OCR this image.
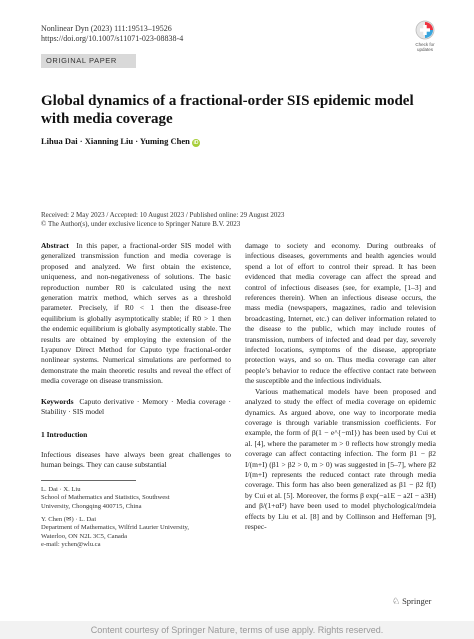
Nonlinear Dyn (2023) 111:19513–19526
https://doi.org/10.1007/s11071-023-08838-4
Check for updates
ORIGINAL PAPER
Global dynamics of a fractional-order SIS epidemic model with media coverage
Lihua Dai · Xianning Liu · Yuming Chen iD
Received: 2 May 2023 / Accepted: 10 August 2023 / Published online: 29 August 2023
© The Author(s), under exclusive licence to Springer Nature B.V. 2023

Abstract In this paper, a fractional-order SIS model with generalized transmission function and media coverage is proposed and analyzed. We first obtain the existence, uniqueness, and non-negativeness of solutions. The basic reproduction number R0 is calculated using the next generation matrix method, which serves as a threshold parameter. Precisely, if R0 < 1 then the disease-free equilibrium is globally asymptotically stable; if R0 > 1 then the endemic equilibrium is globally asymptotically stable. The results are obtained by employing the extension of the Lyapunov Direct Method for Caputo type fractional-order nonlinear systems. Numerical simulations are performed to demonstrate the main theoretic results and reveal the effect of media coverage on disease transmission.

Keywords Caputo derivative · Memory · Media coverage · Stability · SIS model

1 Introduction

Infectious diseases have always been great challenges to human beings. They can cause substantial

L. Dai · X. Liu

School of Mathematics and Statistics, Southwest

University, Chongqing 400715, China

Y. Chen (✉) · L. Dai

Department of Mathematics, Wilfrid Laurier University,

Waterloo, ON N2L 3C5, Canada

e-mail: ychen@wlu.ca

damage to society and economy. During outbreaks of infectious diseases, governments and health agencies would spend a lot of effort to control their spread. It has been evidenced that media coverage can affect the spread and control of infectious diseases (see, for example, [1–3] and references therein). When an infectious disease occurs, the mass media (newspapers, magazines, radio and television broadcasting, Internet, etc.) can deliver information related to the disease to the public, which may include routes of transmission, numbers of infected and dead per day, severely infected locations, symptoms of the disease, appropriate protection ways, and so on. Thus media coverage can alter people’s behavior to reduce the effective contact rate between the susceptible and the infectious individuals.

Various mathematical models have been proposed and analyzed to study the effect of media coverage on epidemic dynamics. As argued above, one way to incorporate media coverage is through variable transmission coefficients. For example, the form of β(1 − e^{−mI}) has been used by Cui et al. [4], where the parameter m > 0 reflects how strongly media coverage can affect contacting infection. The form β1 − β2 I/(m+I) (β1 > β2 > 0, m > 0) was suggested in [5–7], where β2 I/(m+I) represents the reduced contact rate through media coverage. This form has also been generalized as β1 − β2 f(I) by Cui et al. [5]. Moreover, the forms β exp(−a1E − a2I − a3H) and β/(1+αI²) have been used to model phychological/mdeia effects by Liu et al. [8] and by Collinson and Heffernan [9], respec-

♘ Springer
Content courtesy of Springer Nature, terms of use apply. Rights reserved.
